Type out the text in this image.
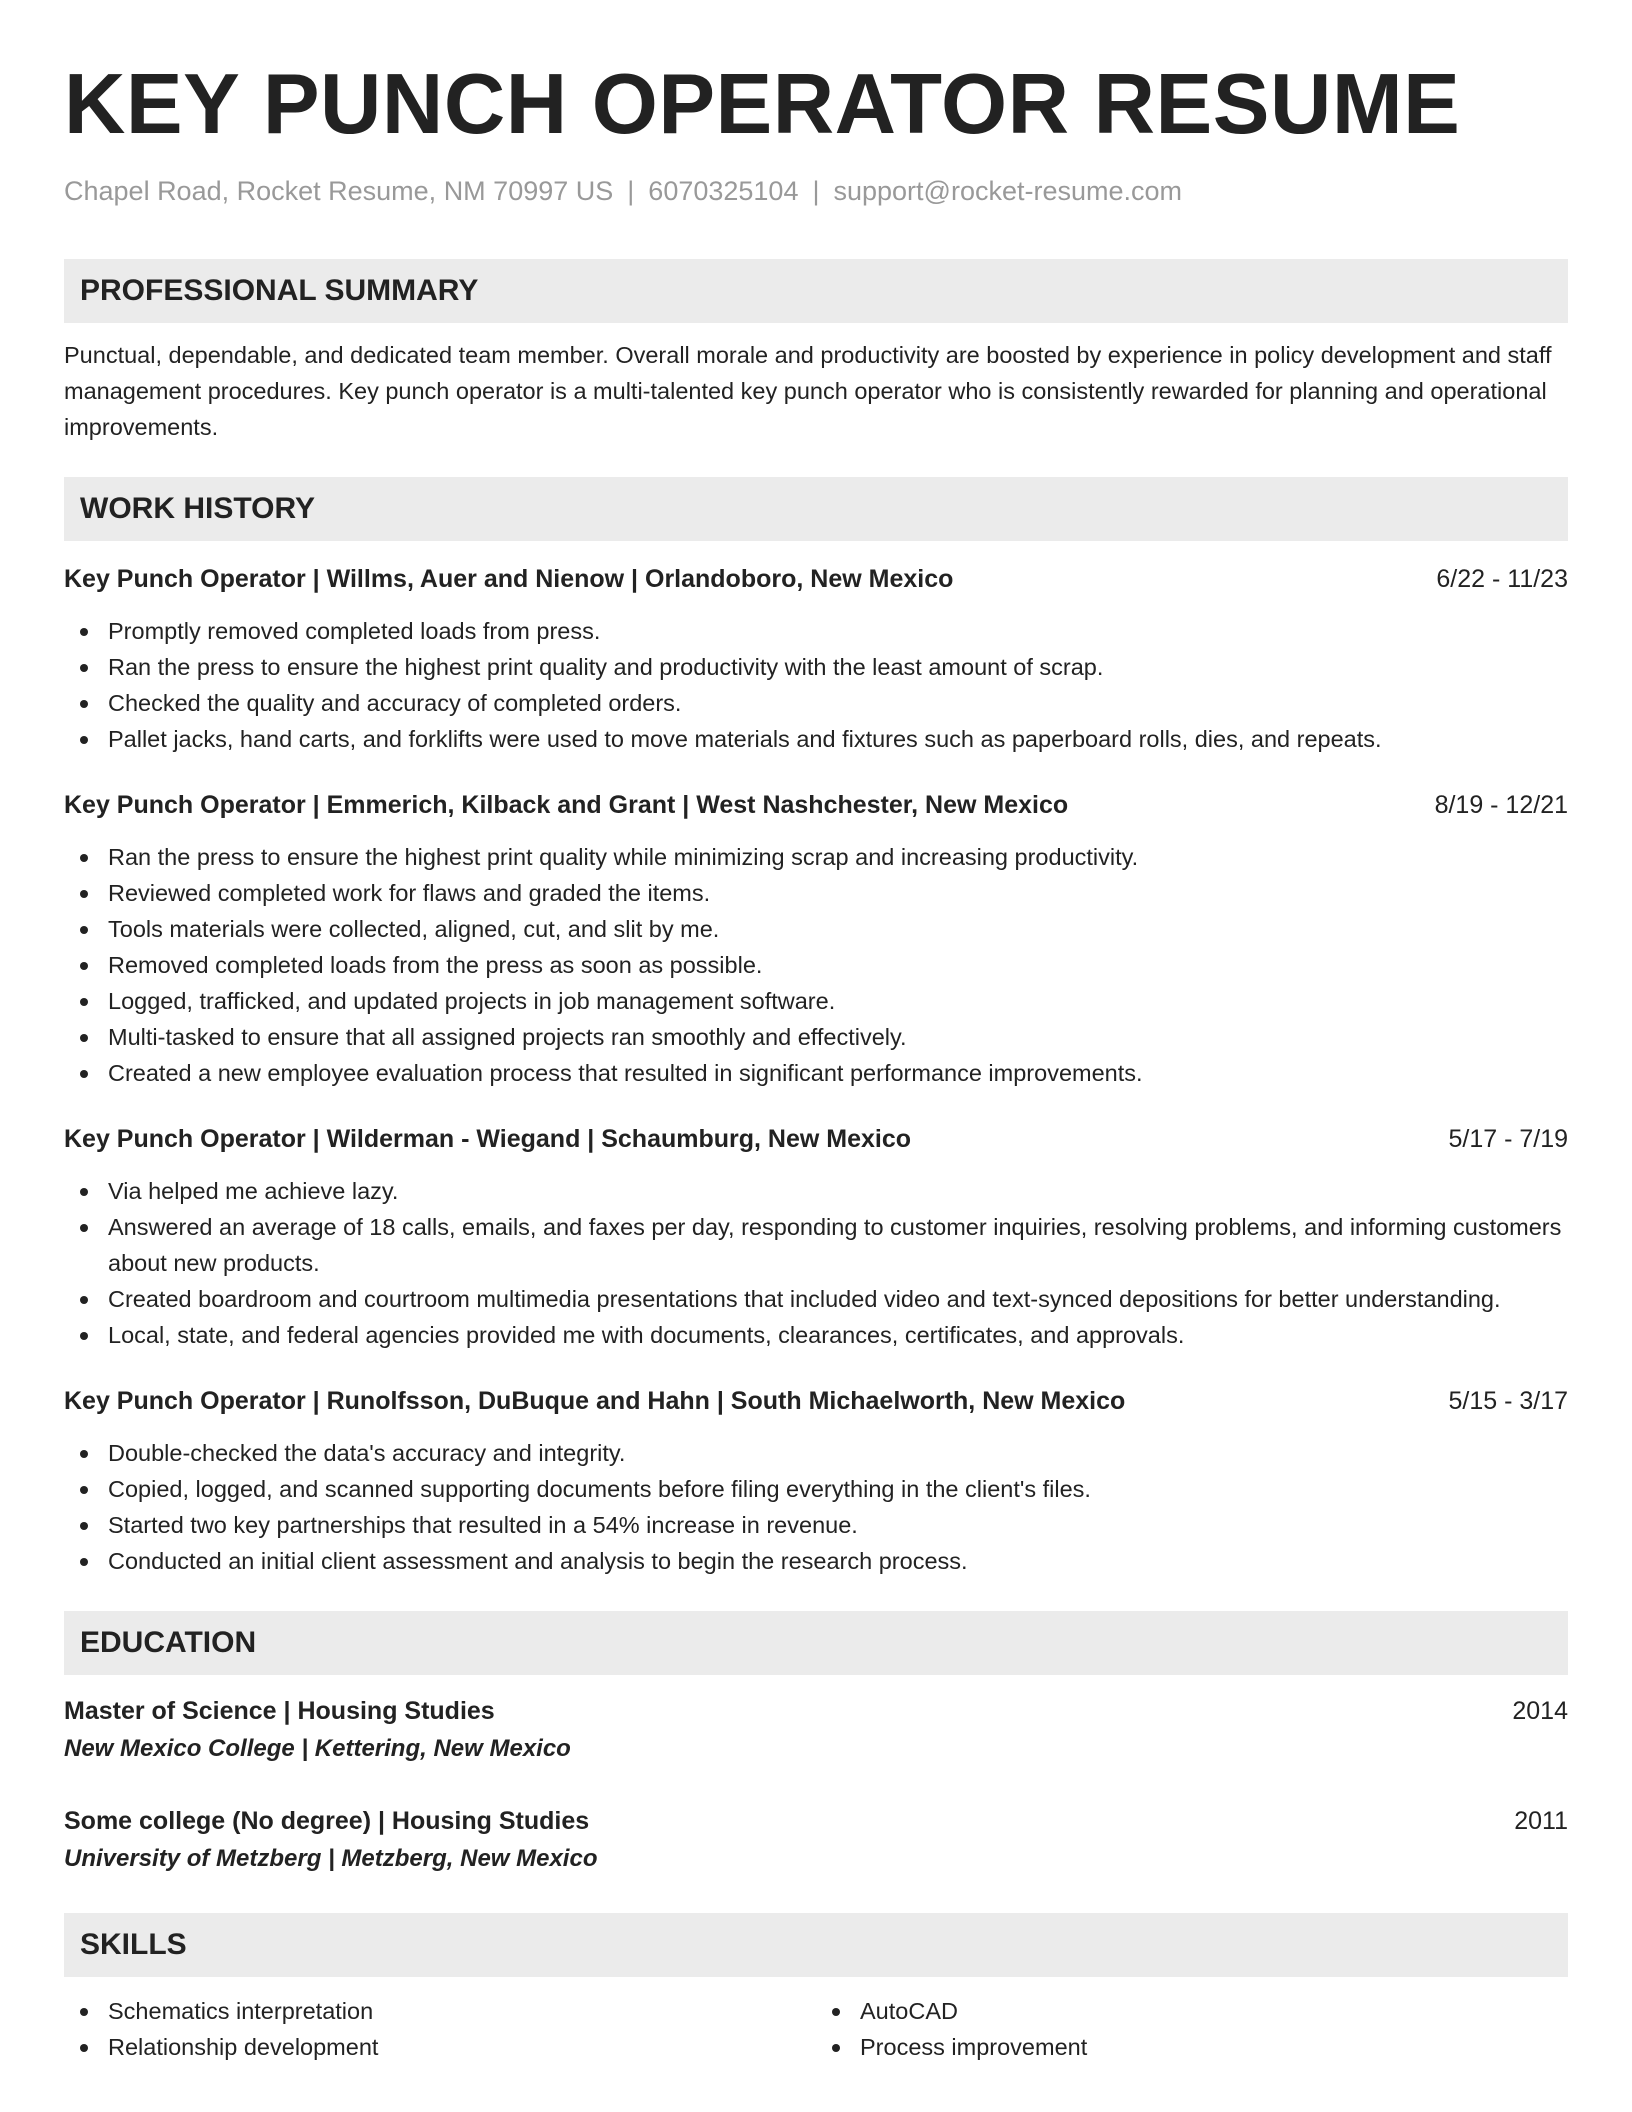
KEY PUNCH OPERATOR RESUME
Chapel Road, Rocket Resume, NM 70997 US | 6070325104 | support@rocket-resume.com
PROFESSIONAL SUMMARY

Punctual, dependable, and dedicated team member. Overall morale and productivity are boosted by experience in policy development and staff management procedures. Key punch operator is a multi-talented key punch operator who is consistently rewarded for planning and operational improvements.

WORK HISTORY
Key Punch Operator | Willms, Auer and Nienow | Orlandoboro, New Mexico	6/22 - 11/23
Promptly removed completed loads from press.
Ran the press to ensure the highest print quality and productivity with the least amount of scrap.
Checked the quality and accuracy of completed orders.
Pallet jacks, hand carts, and forklifts were used to move materials and fixtures such as paperboard rolls, dies, and repeats.
Key Punch Operator | Emmerich, Kilback and Grant | West Nashchester, New Mexico	8/19 - 12/21
Ran the press to ensure the highest print quality while minimizing scrap and increasing productivity.
Reviewed completed work for flaws and graded the items.
Tools materials were collected, aligned, cut, and slit by me.
Removed completed loads from the press as soon as possible.
Logged, trafficked, and updated projects in job management software.
Multi-tasked to ensure that all assigned projects ran smoothly and effectively.
Created a new employee evaluation process that resulted in significant performance improvements.
Key Punch Operator | Wilderman - Wiegand | Schaumburg, New Mexico	5/17 - 7/19
Via helped me achieve lazy.
Answered an average of 18 calls, emails, and faxes per day, responding to customer inquiries, resolving problems, and informing customers about new products.
Created boardroom and courtroom multimedia presentations that included video and text-synced depositions for better understanding.
Local, state, and federal agencies provided me with documents, clearances, certificates, and approvals.
Key Punch Operator | Runolfsson, DuBuque and Hahn | South Michaelworth, New Mexico	5/15 - 3/17
Double-checked the data's accuracy and integrity.
Copied, logged, and scanned supporting documents before filing everything in the client's files.
Started two key partnerships that resulted in a 54% increase in revenue.
Conducted an initial client assessment and analysis to begin the research process.
EDUCATION
Master of Science | Housing Studies	2014
New Mexico College | Kettering, New Mexico
Some college (No degree) | Housing Studies	2011
University of Metzberg | Metzberg, New Mexico
SKILLS
Schematics interpretation
Relationship development
AutoCAD
Process improvement
